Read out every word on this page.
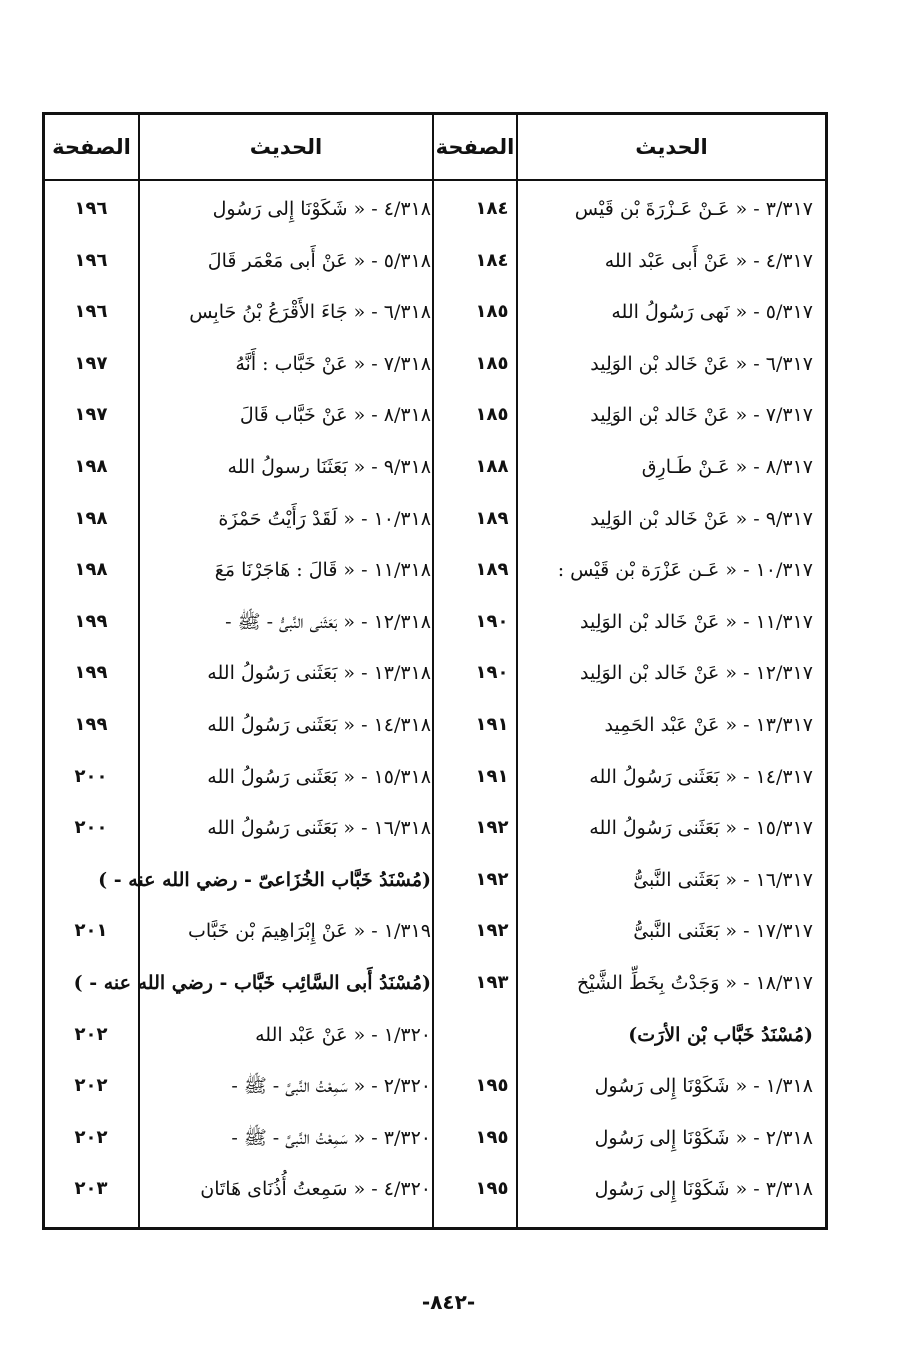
الحديث
الصفحة
الحديث
الصفحة
٣/٣١٧ - « عَـنْ عَـزْرَةَ بْن قَيْس
١٨٤
٤/٣١٧ - « عَنْ أَبى عَبْد الله
١٨٤
٥/٣١٧ - « نَهى رَسُولُ الله
١٨٥
٦/٣١٧ - « عَنْ خَالد بْن الوَلِيد
١٨٥
٧/٣١٧ - « عَنْ خَالد بْن الوَلِيد
١٨٥
٨/٣١٧ - « عَـنْ طَـارِق
١٨٨
٩/٣١٧ - « عَنْ خَالد بْن الوَلِيد
١٨٩
١٠/٣١٧ - « عَـن عَزْرَة بْن قَيْس :
١٨٩
١١/٣١٧ - « عَنْ خَالد بْن الوَلِيد
١٩٠
١٢/٣١٧ - « عَنْ خَالد بْن الوَلِيد
١٩٠
١٣/٣١٧ - « عَنْ عَبْد الحَمِيد
١٩١
١٤/٣١٧ - « بَعَثَنى رَسُولُ الله
١٩١
١٥/٣١٧ - « بَعَثَنى رَسُولُ الله
١٩٢
١٦/٣١٧ - « بَعَثَنى النَّبىُّ
١٩٢
١٧/٣١٧ - « بَعَثَنى النَّبىُّ
١٩٢
١٨/٣١٧ - « وَجَدْتُ بِخَطِّ الشَّيْخ
١٩٣
(مُسْنَدُ خَبَّاب بْن الأرَت)
١/٣١٨ - « شَكَوْنَا إِلى رَسُول
١٩٥
٢/٣١٨ - « شَكَوْنَا إِلى رَسُول
١٩٥
٣/٣١٨ - « شَكَوْنَا إِلى رَسُول
١٩٥
٤/٣١٨ - « شَكَوْنَا إِلى رَسُول
١٩٦
٥/٣١٨ - « عَنْ أَبى مَعْمَر قَالَ
١٩٦
٦/٣١٨ - « جَاءَ الأَقْرَعُ بْنُ حَابِس
١٩٦
٧/٣١٨ - « عَنْ خَبَّاب : أَنَّهُ
١٩٧
٨/٣١٨ - « عَنْ خَبَّاب قَالَ
١٩٧
٩/٣١٨ - « بَعَثَنَا رسولُ الله
١٩٨
١٠/٣١٨ - « لَقَدْ رَأَيْتُ حَمْزَة
١٩٨
١١/٣١٨ - « قَالَ : هَاجَرْنَا مَعَ
١٩٨
١٢/٣١٨ - « بَعَثَنى النَّبىُّ - ﷺ -
١٩٩
١٣/٣١٨ - « بَعَثَنى رَسُولُ الله
١٩٩
١٤/٣١٨ - « بَعَثَنى رَسُولُ الله
١٩٩
١٥/٣١٨ - « بَعَثَنى رَسُولُ الله
٢٠٠
١٦/٣١٨ - « بَعَثَنى رَسُولُ الله
٢٠٠
(مُسْنَدُ خَبَّاب الخُزَاعىّ - رضي الله عنه - )
١/٣١٩ - « عَنْ إِبْرَاهِيمَ بْن خَبَّاب
٢٠١
(مُسْنَدُ أَبى السَّائِب خَبَّاب - رضي الله عنه - )
١/٣٢٠ - « عَنْ عَبْد الله
٢٠٢
٢/٣٢٠ - « سَمِعْتُ النَّبىَّ - ﷺ -
٢٠٢
٣/٣٢٠ - « سَمِعْتُ النَّبىَّ - ﷺ -
٢٠٢
٤/٣٢٠ - « سَمِعتُ أُذُنَاى هَاتَان
٢٠٣
-٨٤٢-
